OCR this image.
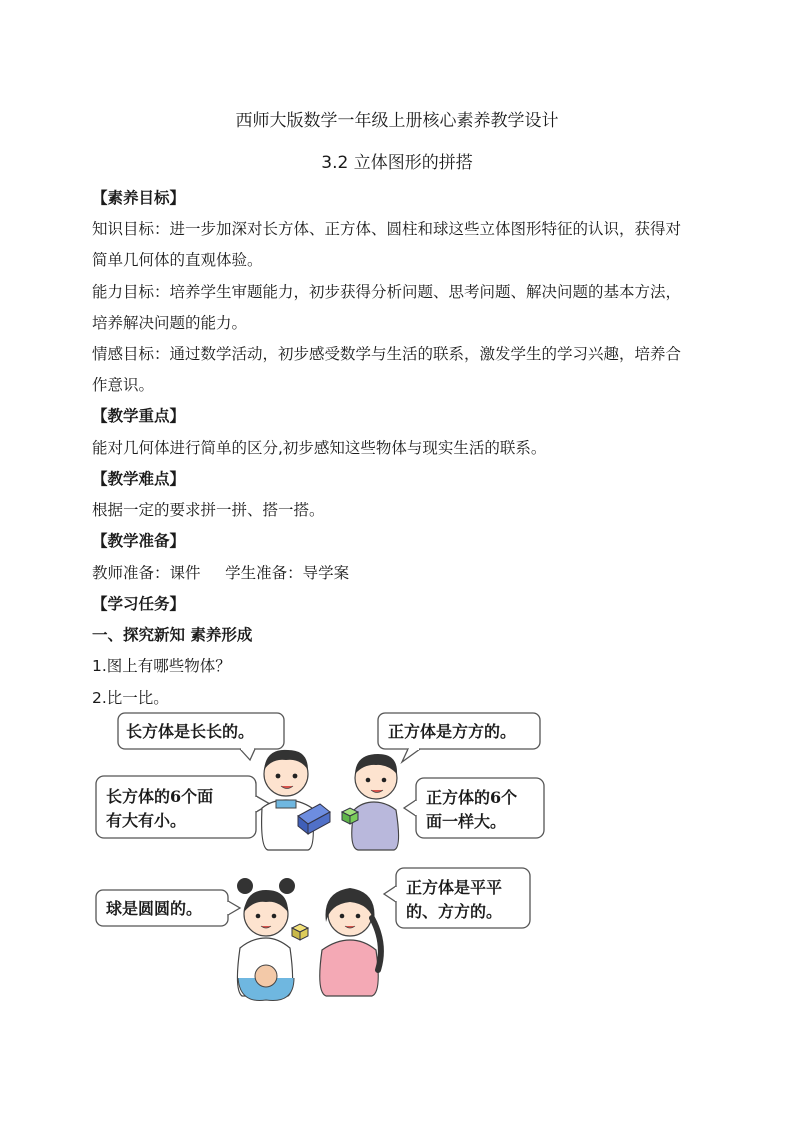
西师大版数学一年级上册核心素养教学设计
3.2 立体图形的拼搭
【素养目标】
知识目标：进一步加深对长方体、正方体、圆柱和球这些立体图形特征的认识，获得对
简单几何体的直观体验。
能力目标：培养学生审题能力，初步获得分析问题、思考问题、解决问题的基本方法，
培养解决问题的能力。
情感目标：通过数学活动，初步感受数学与生活的联系，激发学生的学习兴趣，培养合
作意识。
【教学重点】
能对几何体进行简单的区分,初步感知这些物体与现实生活的联系。
【教学难点】
根据一定的要求拼一拼、搭一搭。
【教学准备】
教师准备：课件     学生准备：导学案
【学习任务】
一、探究新知 素养形成
1.图上有哪些物体？
2.比一比。
长方体是长长的。	正方体是方方的。
长方体的6个面
有大有小。
正方体的6个
面一样大。
球是圆圆的。
正方体是平平
的、方方的。
